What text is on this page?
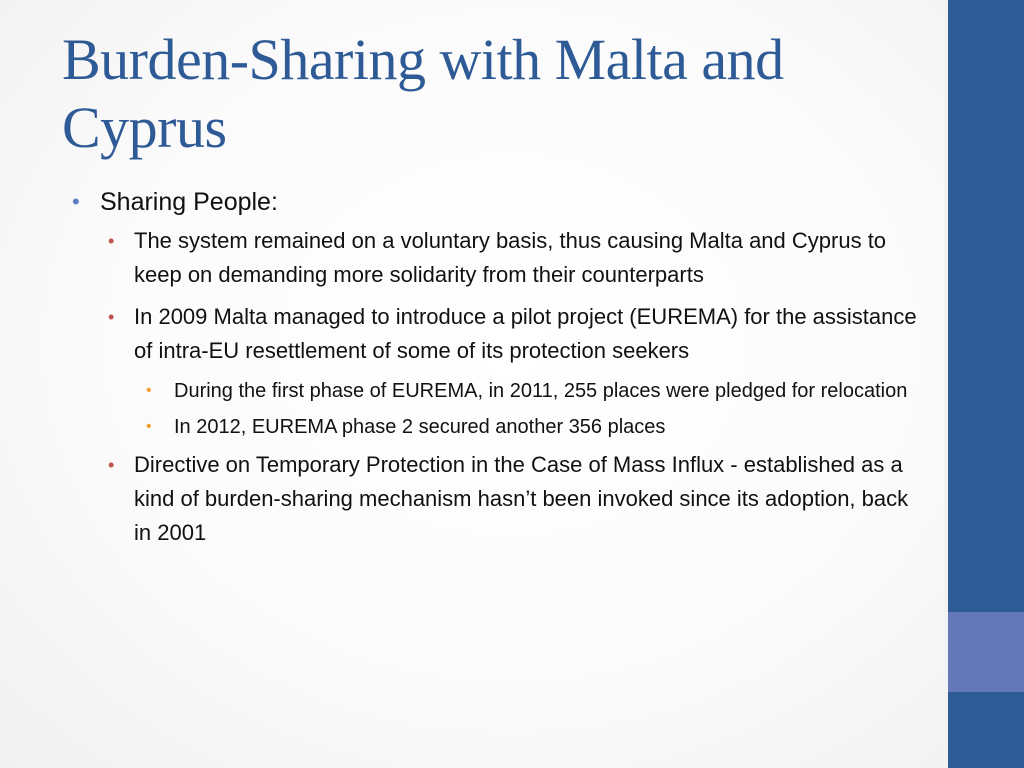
Burden-Sharing with Malta and Cyprus
• Sharing People:
• The system remained on a voluntary basis, thus causing Malta and Cyprus to keep on demanding more solidarity from their counterparts
• In 2009 Malta managed to introduce a pilot project (EUREMA) for the assistance of intra-EU resettlement of some of its protection seekers
• During the first phase of EUREMA, in 2011, 255 places were pledged for relocation
• In 2012, EUREMA phase 2 secured another 356 places
• Directive on Temporary Protection in the Case of Mass Influx - established as a kind of burden-sharing mechanism hasn’t been invoked since its adoption, back in 2001
